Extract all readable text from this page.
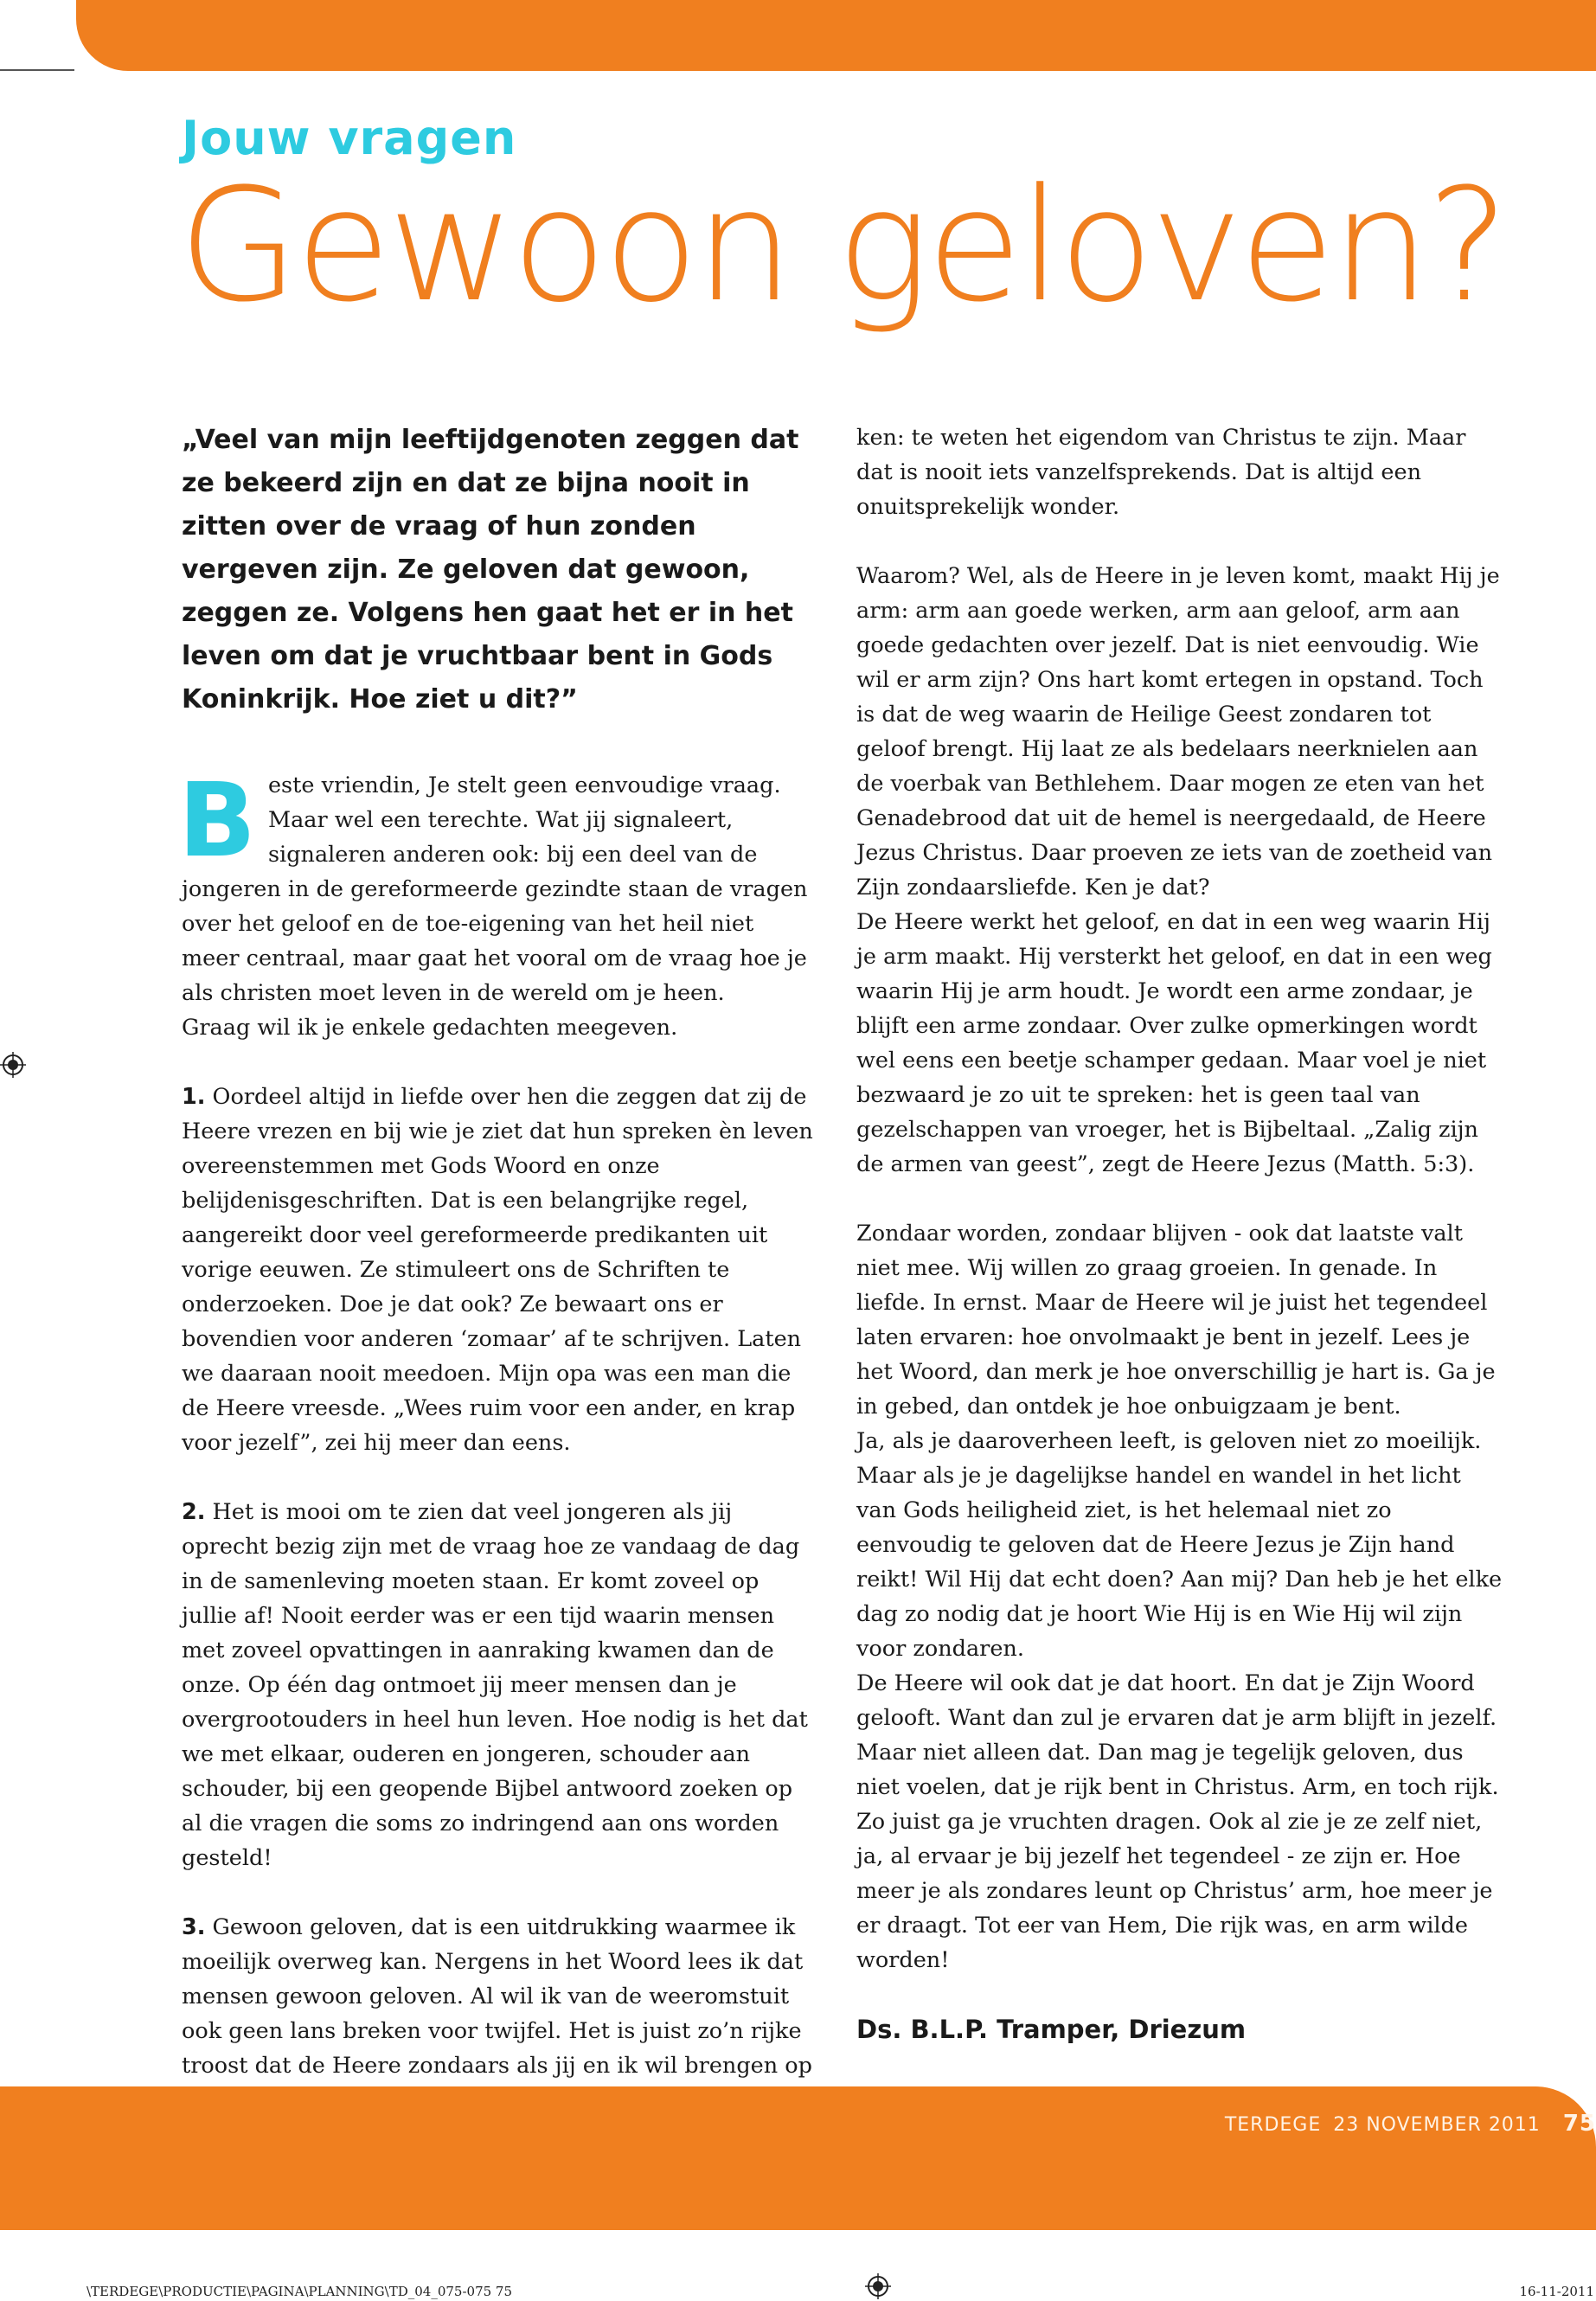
Jouw vragen
Gewoon geloven?

„Veel van mijn leeftijdgenoten zeggen dat ze bekeerd zijn en dat ze bijna nooit in zitten over de vraag of hun zonden vergeven zijn. Ze geloven dat gewoon, zeggen ze. Volgens hen gaat het er in het leven om dat je vruchtbaar bent in Gods Koninkrijk. Hoe ziet u dit?”

Beste vriendin, Je stelt geen eenvoudige vraag. Maar wel een terechte. Wat jij signaleert, signaleren anderen ook: bij een deel van de jongeren in de gereformeerde gezindte staan de vragen over het geloof en de toe-eigening van het heil niet meer centraal, maar gaat het vooral om de vraag hoe je als christen moet leven in de wereld om je heen.

Graag wil ik je enkele gedachten meegeven.

1. Oordeel altijd in liefde over hen die zeggen dat zij de Heere vrezen en bij wie je ziet dat hun spreken èn leven overeenstemmen met Gods Woord en onze belijdenisgeschriften. Dat is een belangrijke regel, aangereikt door veel gereformeerde predikanten uit vorige eeuwen. Ze stimuleert ons de Schriften te onderzoeken. Doe je dat ook? Ze bewaart ons er bovendien voor anderen ‘zomaar’ af te schrijven. Laten we daaraan nooit meedoen. Mijn opa was een man die de Heere vreesde. „Wees ruim voor een ander, en krap voor jezelf”, zei hij meer dan eens.

2. Het is mooi om te zien dat veel jongeren als jij oprecht bezig zijn met de vraag hoe ze vandaag de dag in de samenleving moeten staan. Er komt zoveel op jullie af! Nooit eerder was er een tijd waarin mensen met zoveel opvattingen in aanraking kwamen dan de onze. Op één dag ontmoet jij meer mensen dan je overgrootouders in heel hun leven. Hoe nodig is het dat we met elkaar, ouderen en jongeren, schouder aan schouder, bij een geopende Bijbel antwoord zoeken op al die vragen die soms zo indringend aan ons worden gesteld!

3. Gewoon geloven, dat is een uitdrukking waarmee ik moeilijk overweg kan. Nergens in het Woord lees ik dat mensen gewoon geloven. Al wil ik van de weeromstuit ook geen lans breken voor twijfel. Het is juist zo’n rijke troost dat de Heere zondaars als jij en ik wil brengen op

ken: te weten het eigendom van Christus te zijn. Maar dat is nooit iets vanzelfsprekends. Dat is altijd een onuitsprekelijk wonder.

Waarom? Wel, als de Heere in je leven komt, maakt Hij je arm: arm aan goede werken, arm aan geloof, arm aan goede gedachten over jezelf. Dat is niet eenvoudig. Wie wil er arm zijn? Ons hart komt ertegen in opstand. Toch is dat de weg waarin de Heilige Geest zondaren tot geloof brengt. Hij laat ze als bedelaars neerknielen aan de voerbak van Bethlehem. Daar mogen ze eten van het Genadebrood dat uit de hemel is neergedaald, de Heere Jezus Christus. Daar proeven ze iets van de zoetheid van Zijn zondaarsliefde. Ken je dat?

De Heere werkt het geloof, en dat in een weg waarin Hij je arm maakt. Hij versterkt het geloof, en dat in een weg waarin Hij je arm houdt. Je wordt een arme zondaar, je blijft een arme zondaar. Over zulke opmerkingen wordt wel eens een beetje schamper gedaan. Maar voel je niet bezwaard je zo uit te spreken: het is geen taal van gezelschappen van vroeger, het is Bijbeltaal. „Zalig zijn de armen van geest”, zegt de Heere Jezus (Matth. 5:3).

Zondaar worden, zondaar blijven - ook dat laatste valt niet mee. Wij willen zo graag groeien. In genade. In liefde. In ernst. Maar de Heere wil je juist het tegendeel laten ervaren: hoe onvolmaakt je bent in jezelf. Lees je het Woord, dan merk je hoe onverschillig je hart is. Ga je in gebed, dan ontdek je hoe onbuigzaam je bent.

Ja, als je daaroverheen leeft, is geloven niet zo moeilijk. Maar als je je dagelijkse handel en wandel in het licht van Gods heiligheid ziet, is het helemaal niet zo eenvoudig te geloven dat de Heere Jezus je Zijn hand reikt! Wil Hij dat echt doen? Aan mij? Dan heb je het elke dag zo nodig dat je hoort Wie Hij is en Wie Hij wil zijn voor zondaren.

De Heere wil ook dat je dat hoort. En dat je Zijn Woord gelooft. Want dan zul je ervaren dat je arm blijft in jezelf. Maar niet alleen dat. Dan mag je tegelijk geloven, dus niet voelen, dat je rijk bent in Christus. Arm, en toch rijk. Zo juist ga je vruchten dragen. Ook al zie je ze zelf niet, ja, al ervaar je bij jezelf het tegendeel - ze zijn er. Hoe meer je als zondares leunt op Christus’ arm, hoe meer je er draagt. Tot eer van Hem, Die rijk was, en arm wilde worden!

Ds. B.L.P. Tramper, Driezum

TERDEGE 23 NOVEMBER 2011 75
\TERDEGE\PRODUCTIE\PAGINA\PLANNING\TD_04_075-075 75	16-11-2011
